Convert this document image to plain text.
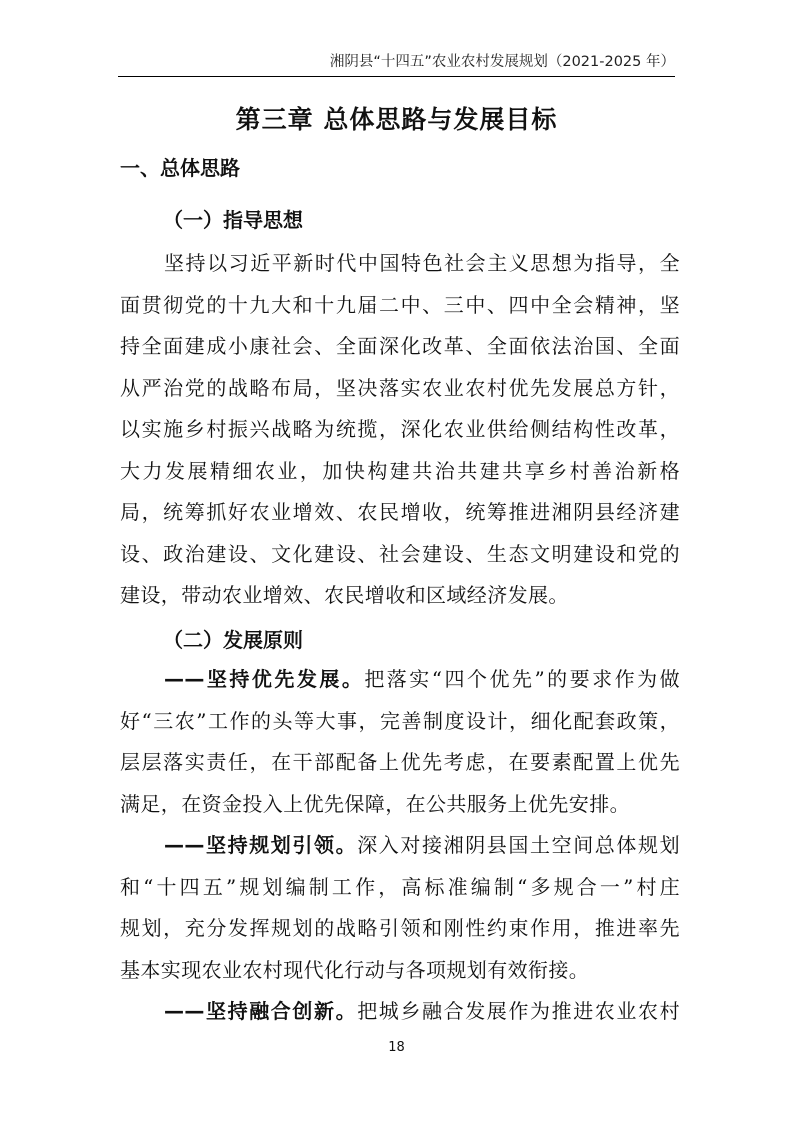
湘阴县“十四五”农业农村发展规划（2021-2025 年）
第三章 总体思路与发展目标
一、总体思路
（一）指导思想
坚持以习近平新时代中国特色社会主义思想为指导，全
面贯彻党的十九大和十九届二中、三中、四中全会精神，坚
持全面建成小康社会、全面深化改革、全面依法治国、全面
从严治党的战略布局，坚决落实农业农村优先发展总方针，
以实施乡村振兴战略为统揽，深化农业供给侧结构性改革，
大力发展精细农业，加快构建共治共建共享乡村善治新格
局，统筹抓好农业增效、农民增收，统筹推进湘阴县经济建
设、政治建设、文化建设、社会建设、生态文明建设和党的
建设，带动农业增效、农民增收和区域经济发展。
（二）发展原则
——坚持优先发展。把落实“四个优先”的要求作为做
好“三农”工作的头等大事，完善制度设计，细化配套政策，
层层落实责任，在干部配备上优先考虑，在要素配置上优先
满足，在资金投入上优先保障，在公共服务上优先安排。
——坚持规划引领。深入对接湘阴县国土空间总体规划
和“十四五”规划编制工作，高标准编制“多规合一”村庄
规划，充分发挥规划的战略引领和刚性约束作用，推进率先
基本实现农业农村现代化行动与各项规划有效衔接。
——坚持融合创新。把城乡融合发展作为推进农业农村
18
